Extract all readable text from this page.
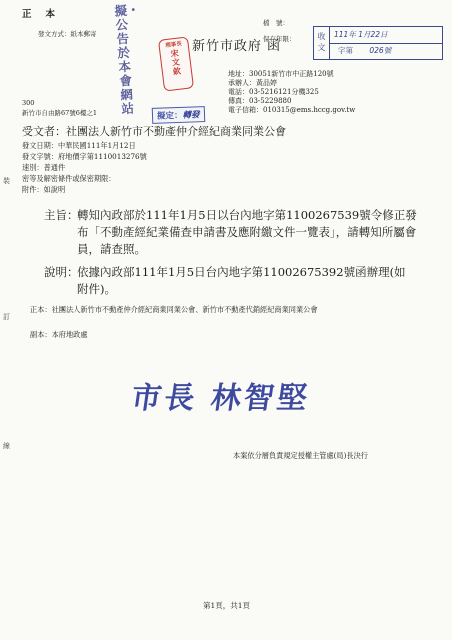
正本
發文方式：紙本郵寄
擬・公告於本會網站
理事長
宋文欽
新竹市政府 函
檔　號：
保存年限：	收文
111年 1月22日
字第 026號
地址：30051新竹市中正路120號
承辦人：黃品婷
電話：03-5216121分機325
傳真：03-5229880
電子信箱：010315@ems.hccg.gov.tw
300
新竹市自由路67號6樓之1	擬定：轉發
受文者：社團法人新竹市不動產仲介經紀商業同業公會
發文日期：中華民國111年1月12日
發文字號：府地價字第1110013276號
速別：普通件
密等及解密條件或保密期限：
附件：如說明
主旨：
轉知內政部於111年1月5日以台內地字第1100267539號令修正發布「不動產經紀業備查申請書及應附繳文件一覽表」，請轉知所屬會員，請查照。
說明：
依據內政部111年1月5日台內地字第11002675392號函辦理(如附件)。
正本：社團法人新竹市不動產仲介經紀商業同業公會、新竹市不動產代銷經紀商業同業公會
副本：本府地政處
市長 林智堅
本案依分層負責規定授權主管處(局)長決行
裝
訂
線
第1頁，共1頁
